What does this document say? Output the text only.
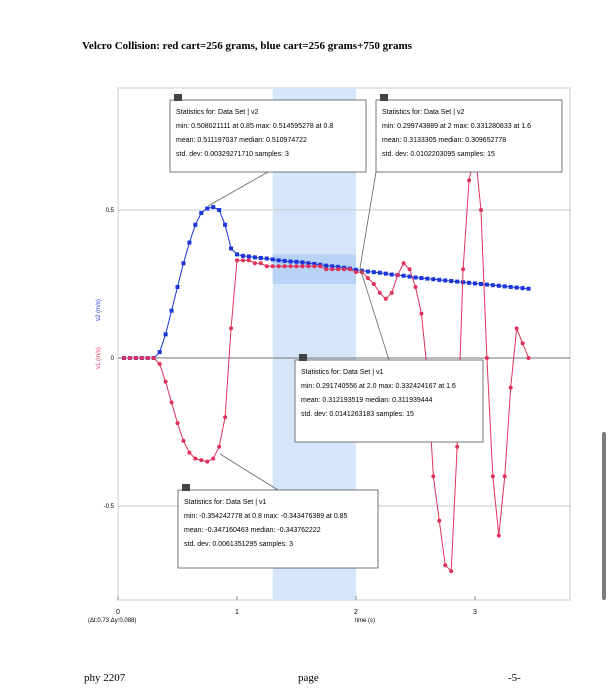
Velcro Collision: red cart=256 grams, blue cart=256 grams+750 grams
0.5
0
-0.5
0	1	2	3
v1 (m/s)
v2 (m/s)
time (s)
(Δt:0.73 Δy:0.088)
Statistics for: Data Set | v2
min: 0.508021111 at 0.85 max: 0.514595278 at 0.8
mean: 0.511197037 median: 0.510974722
std. dev: 0.00329271710 samples: 3
Statistics for: Data Set | v2
min: 0.299743889 at 2 max: 0.331280833 at 1.6
mean: 0.3133305 median: 0.309652778
std. dev: 0.0102203095 samples: 15
Statistics for: Data Set | v1
min: 0.291740556 at 2.0 max: 0.332424167 at 1.6
mean: 0.312193519 median: 0.311939444
std. dev: 0.0141263183 samples: 15
Statistics for: Data Set | v1
min: -0.354242778 at 0.8 max: -0.343476389 at 0.85
mean: -0.347160463 median: -0.343762222
std. dev: 0.0061351295 samples: 3
phy 2207	page	-5-
